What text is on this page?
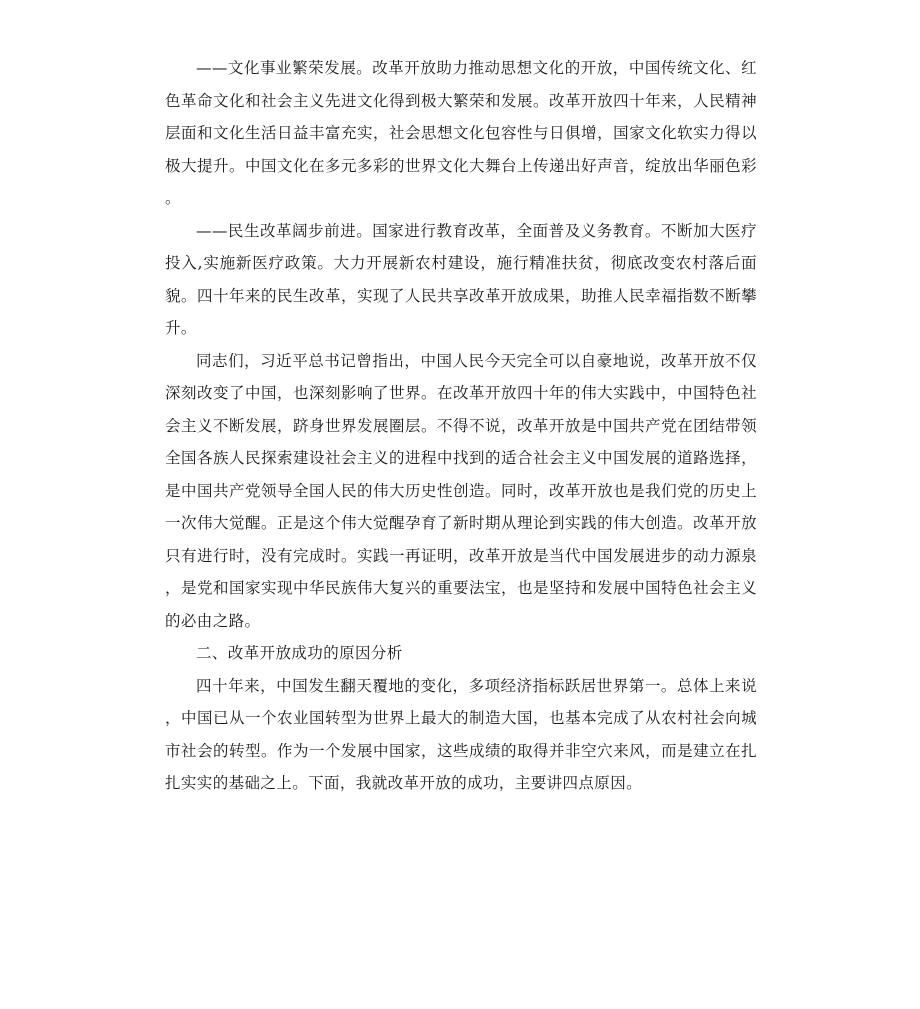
——文化事业繁荣发展。改革开放助力推动思想文化的开放，中国传统文化、红色革命文化和社会主义先进文化得到极大繁荣和发展。改革开放四十年来，人民精神层面和文化生活日益丰富充实，社会思想文化包容性与日俱增，国家文化软实力得以极大提升。中国文化在多元多彩的世界文化大舞台上传递出好声音，绽放出华丽色彩。

——民生改革阔步前进。国家进行教育改革，全面普及义务教育。不断加大医疗投入,实施新医疗政策。大力开展新农村建设，施行精准扶贫，彻底改变农村落后面貌。四十年来的民生改革，实现了人民共享改革开放成果，助推人民幸福指数不断攀升。

同志们，习近平总书记曾指出，中国人民今天完全可以自豪地说，改革开放不仅深刻改变了中国，也深刻影响了世界。在改革开放四十年的伟大实践中，中国特色社会主义不断发展，跻身世界发展圈层。不得不说，改革开放是中国共产党在团结带领全国各族人民探索建设社会主义的进程中找到的适合社会主义中国发展的道路选择，是中国共产党领导全国人民的伟大历史性创造。同时，改革开放也是我们党的历史上一次伟大觉醒。正是这个伟大觉醒孕育了新时期从理论到实践的伟大创造。改革开放只有进行时，没有完成时。实践一再证明，改革开放是当代中国发展进步的动力源泉，是党和国家实现中华民族伟大复兴的重要法宝，也是坚持和发展中国特色社会主义的必由之路。

二、改革开放成功的原因分析

四十年来，中国发生翻天覆地的变化，多项经济指标跃居世界第一。总体上来说，中国已从一个农业国转型为世界上最大的制造大国，也基本完成了从农村社会向城市社会的转型。作为一个发展中国家，这些成绩的取得并非空穴来风，而是建立在扎扎实实的基础之上。下面，我就改革开放的成功，主要讲四点原因。
